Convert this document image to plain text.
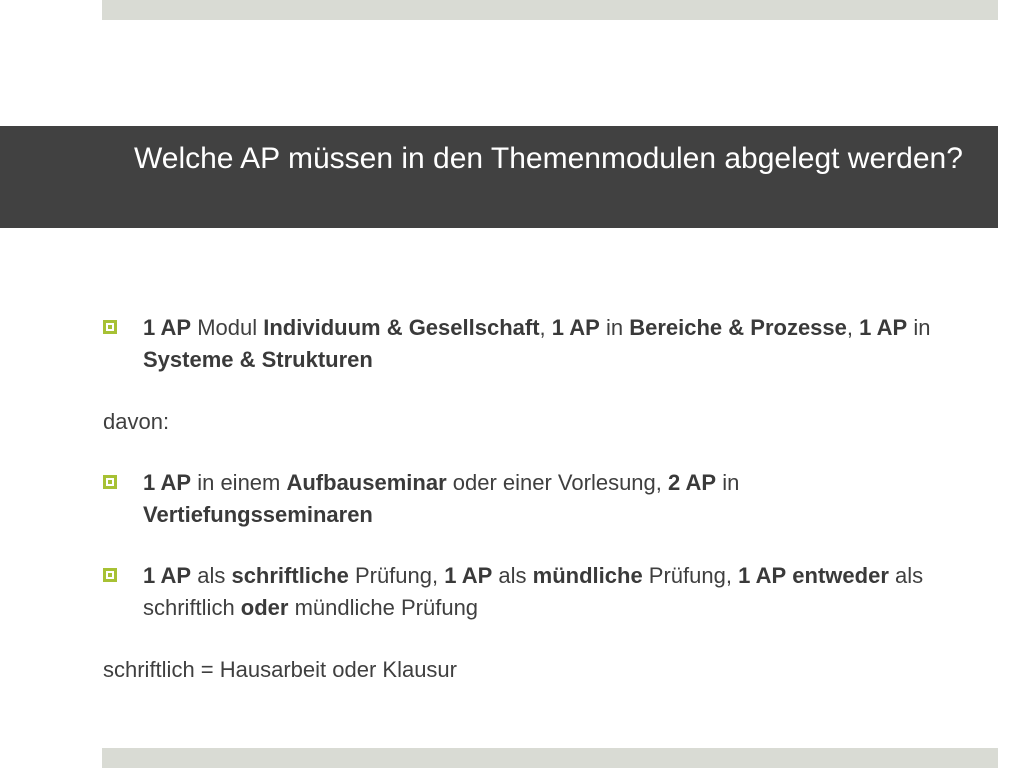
Welche AP müssen in den Themenmodulen abgelegt werden?
1 AP Modul Individuum & Gesellschaft, 1 AP in Bereiche & Prozesse, 1 AP in Systeme & Strukturen
davon:
1 AP in einem Aufbauseminar oder einer Vorlesung, 2 AP in Vertiefungsseminaren
1 AP als schriftliche Prüfung, 1 AP als mündliche Prüfung, 1 AP entweder als schriftlich oder mündliche Prüfung
schriftlich = Hausarbeit oder Klausur
